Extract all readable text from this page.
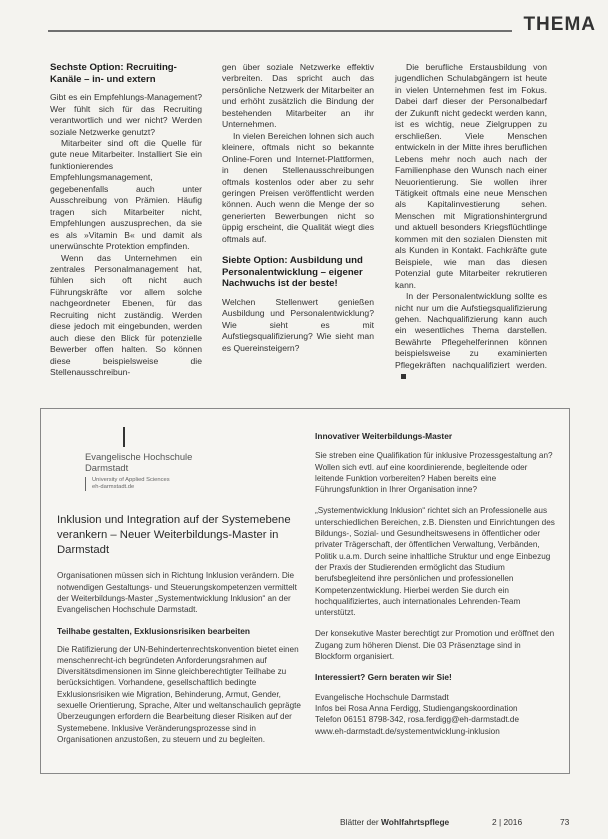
THEMA
Sechste Option: Recruiting-Kanäle – in- und extern

Gibt es ein Empfehlungs-Management? Wer fühlt sich für das Recruiting verantwortlich und wer nicht? Werden soziale Netzwerke genutzt?

Mitarbeiter sind oft die Quelle für gute neue Mitarbeiter. Installiert Sie ein funktionierendes Empfehlungsmanagement, gegebenenfalls auch unter Ausschreibung von Prämien. Häufig tragen sich Mitarbeiter nicht, Empfehlungen auszusprechen, da sie es als »Vitamin B« und damit als unerwünschte Protektion empfinden.

Wenn das Unternehmen ein zentrales Personalmanagement hat, fühlen sich oft nicht auch Führungskräfte vor allem solche nachgeordneter Ebenen, für das Recruiting nicht zuständig. Werden diese jedoch mit eingebunden, werden auch diese den Blick für potenzielle Bewerber offen halten. So können diese beispielsweise die Stellenausschreibun-

gen über soziale Netzwerke effektiv verbreiten. Das spricht auch das persönliche Netzwerk der Mitarbeiter an und erhöht zusätzlich die Bindung der bestehenden Mitarbeiter an ihr Unternehmen.

In vielen Bereichen lohnen sich auch kleinere, oftmals nicht so bekannte Online-Foren und Internet-Plattformen, in denen Stellenausschreibungen oftmals kostenlos oder aber zu sehr geringen Preisen veröffentlicht werden können. Auch wenn die Menge der so generierten Bewerbungen nicht so üppig erscheint, die Qualität wiegt dies oftmals auf.

Siebte Option: Ausbildung und Personalentwicklung – eigener Nachwuchs ist der beste!

Welchen Stellenwert genießen Ausbildung und Personalentwicklung? Wie sieht es mit Aufstiegsqualifizierung? Wie sieht man es Quereinsteigern?

Die berufliche Erstausbildung von jugendlichen Schulabgängern ist heute in vielen Unternehmen fest im Fokus. Dabei darf dieser der Personalbedarf der Zukunft nicht gedeckt werden kann, ist es wichtig, neue Zielgruppen zu erschließen. Viele Menschen entwickeln in der Mitte ihres beruflichen Lebens mehr noch auch nach der Familienphase den Wunsch nach einer Neuorientierung. Sie wollen ihrer Tätigkeit oftmals eine neue Menschen als Kapitalinvestierung sehen. Menschen mit Migrationshintergrund und aktuell besonders Kriegsflüchtlinge kommen mit den sozialen Diensten mit als Kunden in Kontakt. Fachkräfte gute Beispiele, wie man das diesen Potenzial gute Mitarbeiter rekrutieren kann.

In der Personalentwicklung sollte es nicht nur um die Aufstiegsqualifizierung gehen. Nachqualifizierung kann auch ein wesentliches Thema darstellen. Bewährte Pflegehelferinnen können beispielsweise zu examinierten Pflegekräften nachqualifiziert werden.

Evangelische Hochschule
Darmstadt
University of Applied Sciences
eh-darmstadt.de
Inklusion und Integration auf der Systemebene verankern – Neuer Weiterbildungs-Master in Darmstadt
Organisationen müssen sich in Richtung Inklusion verändern. Die notwendigen Gestaltungs- und Steuerungskompetenzen vermittelt der Weiterbildungs-Master „Systementwicklung Inklusion“ an der Evangelischen Hochschule Darmstadt.
Teilhabe gestalten, Exklusionsrisiken bearbeiten
Die Ratifizierung der UN-Behindertenrechtskonvention bietet einen menschenrecht-ich begründeten Anforderungsrahmen auf Diversitätsdimensionen im Sinne gleichberechtigter Teilhabe zu berücksichtigen. Vorhandene, gesellschaftlich bedingte Exklusionsrisiken wie Migration, Behinderung, Armut, Gender, sexuelle Orientierung, Sprache, Alter und weltanschaulich geprägte Überzeugungen erfordern die Bearbeitung dieser Risiken auf der Systemebene. Inklusive Veränderungsprozesse sind in Organisationen anzustoßen, zu steuern und zu begleiten.
Innovativer Weiterbildungs-Master

Sie streben eine Qualifikation für inklusive Prozessgestaltung an? Wollen sich evtl. auf eine koordinierende, begleitende oder leitende Funktion vorbereiten? Haben bereits eine Führungsfunktion in Ihrer Organisation inne?

„Systementwicklung Inklusion“ richtet sich an Professionelle aus unterschiedlichen Bereichen, z.B. Diensten und Einrichtungen des Bildungs-, Sozial- und Gesundheitswesens in öffentlicher oder privater Trägerschaft, der öffentlichen Verwaltung, Verbänden, Politik u.a.m. Durch seine inhaltliche Struktur und enge Einbezug der Praxis der Studierenden ermöglicht das Studium berufsbegleitend ihre persönlichen und professionellen Kompetenzentwicklung. Hierbei werden Sie durch ein hochqualifiziertes, auch internationales Lehrenden-Team unterstützt.

Der konsekutive Master berechtigt zur Promotion und eröffnet den Zugang zum höheren Dienst. Die 03 Präsenztage sind in Blockform organisiert.

Interessiert? Gern beraten wir Sie!
Evangelische Hochschule Darmstadt
Infos bei Rosa Anna Ferdigg, Studiengangskoordination
Telefon 06151 8798-342, rosa.ferdigg@eh-darmstadt.de
www.eh-darmstadt.de/systementwicklung-inklusion
Blätter der Wohlfahrtspflege	2 | 2016	73
